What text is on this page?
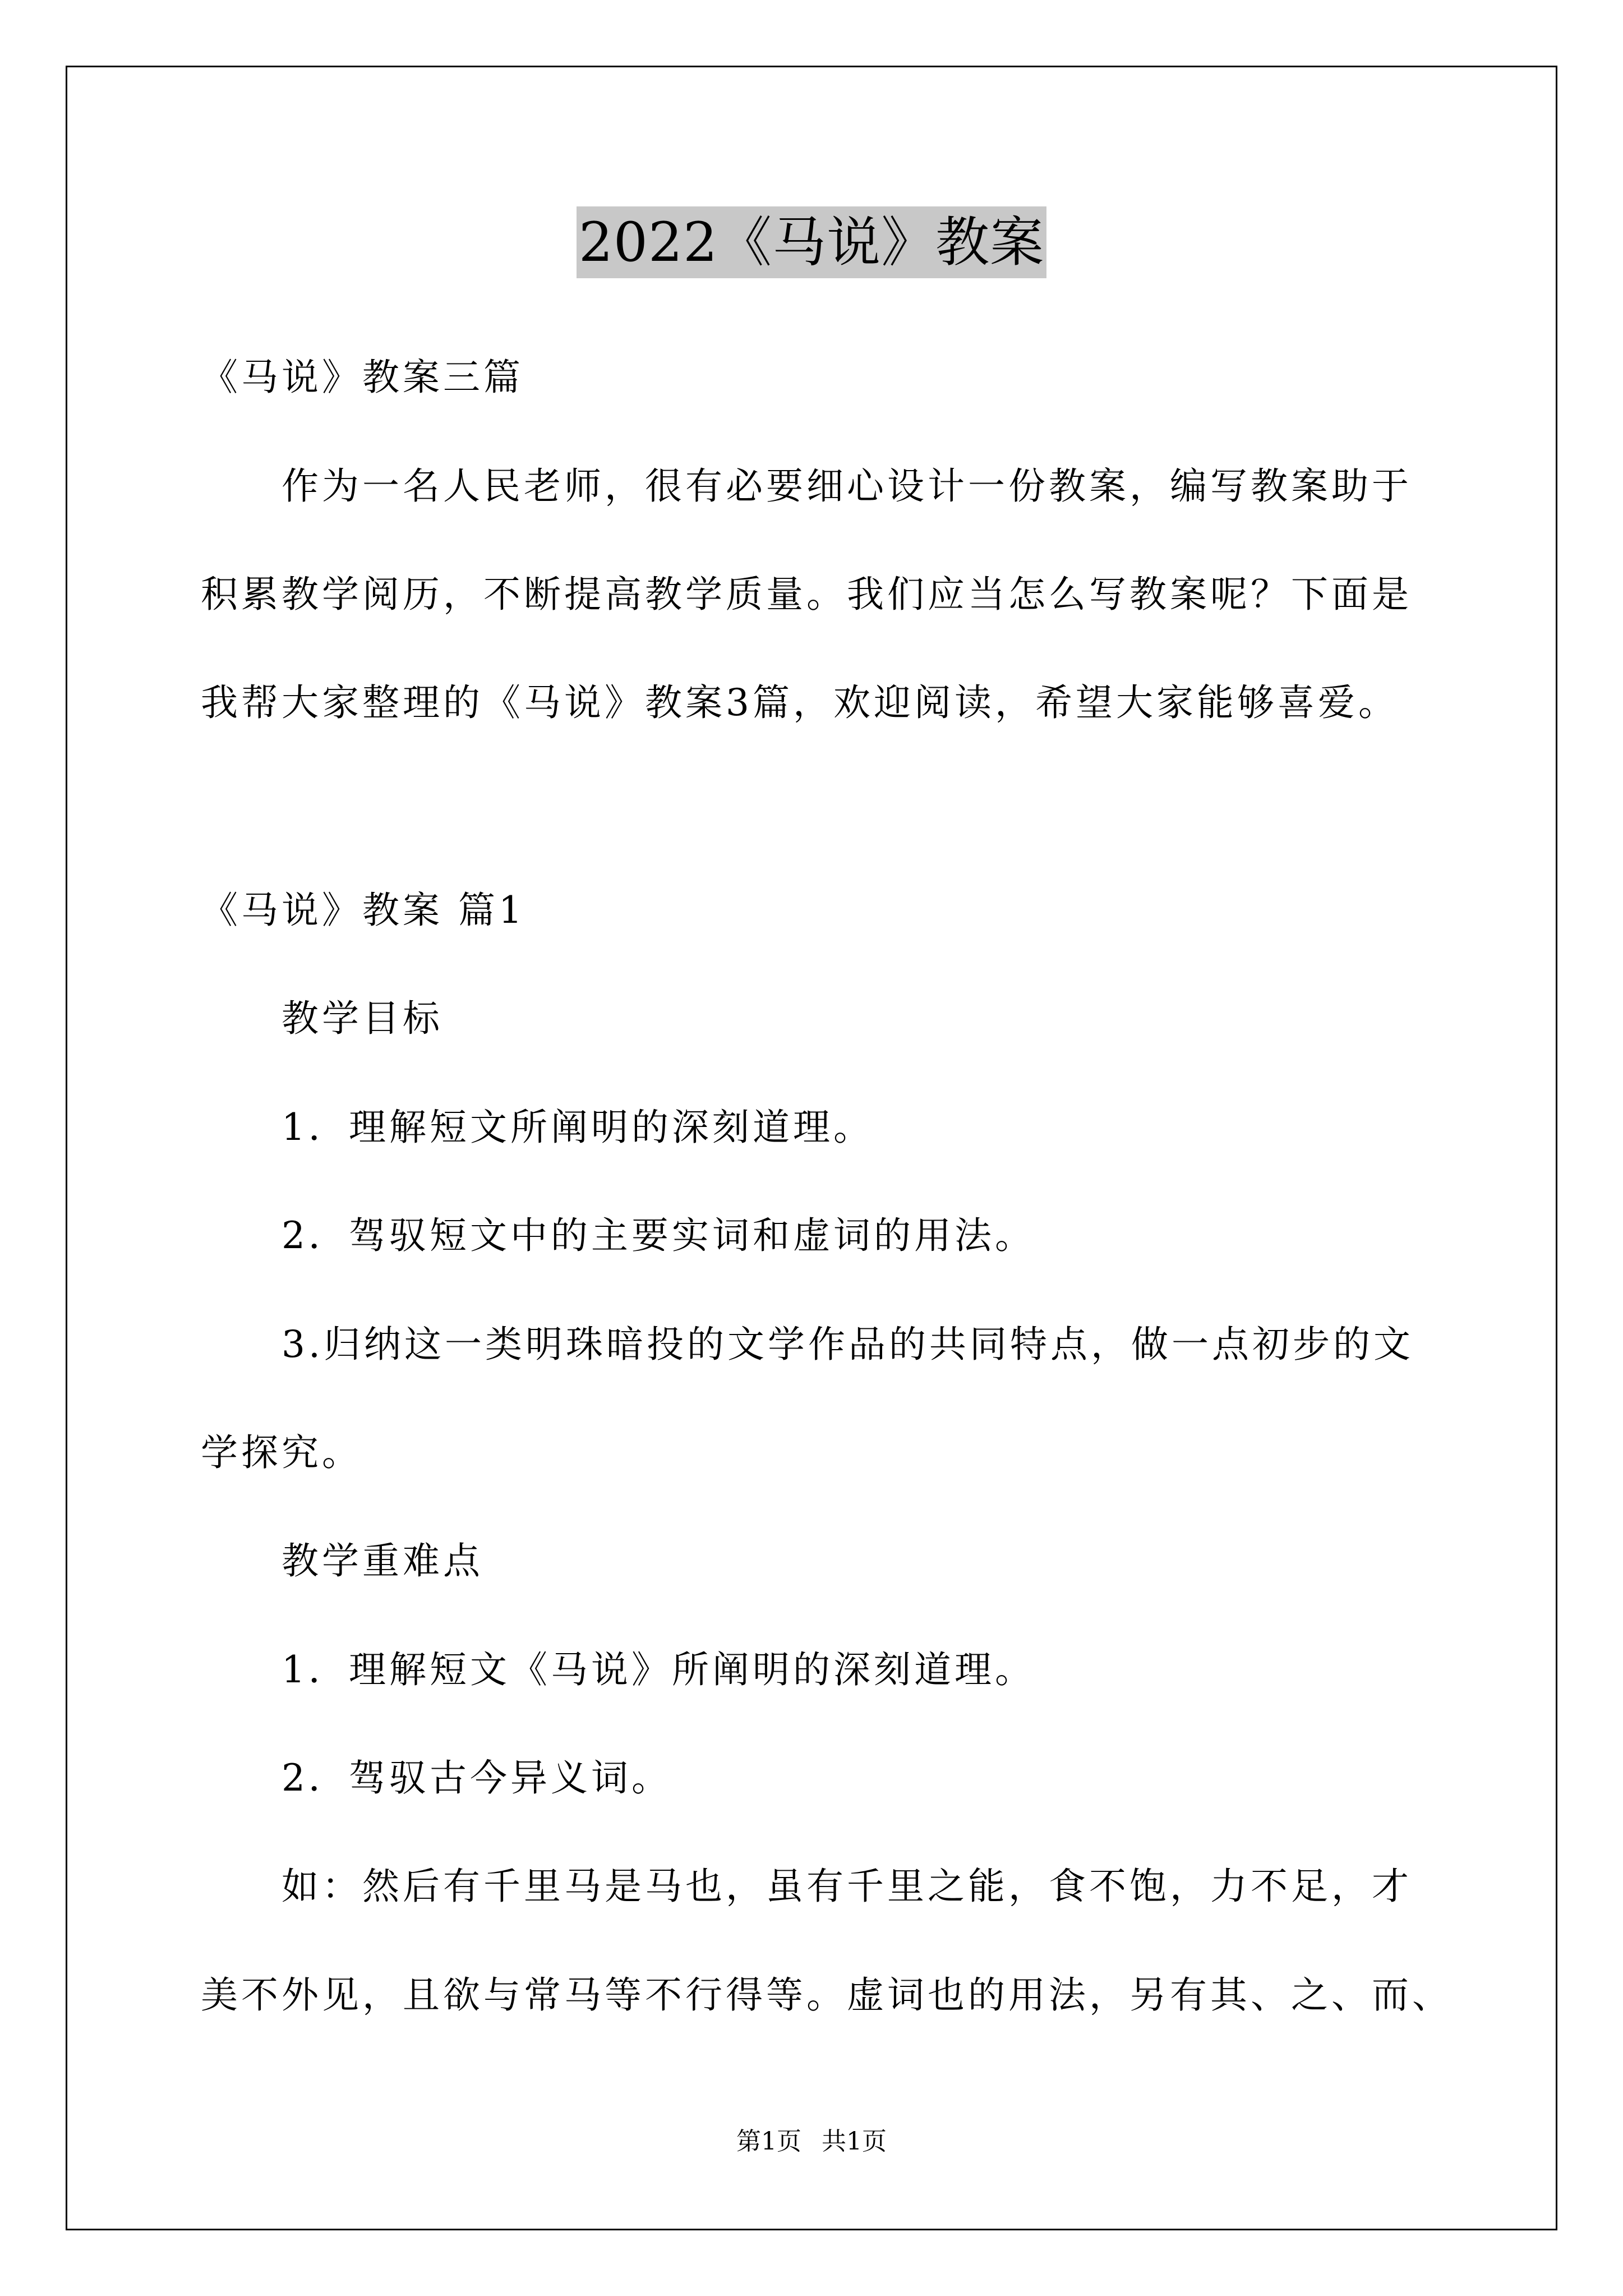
2022《马说》教案
《马说》教案三篇
作为一名人民老师，很有必要细心设计一份教案，编写教案助于
积累教学阅历，不断提高教学质量。我们应当怎么写教案呢？下面是
我帮大家整理的《马说》教案3篇，欢迎阅读，希望大家能够喜爱。
《马说》教案 篇1
教学目标
1．理解短文所阐明的深刻道理。
2．驾驭短文中的主要实词和虚词的用法。
3.归纳这一类明珠暗投的文学作品的共同特点，做一点初步的文
学探究。
教学重难点
1．理解短文《马说》所阐明的深刻道理。
2．驾驭古今异义词。
如：然后有千里马是马也，虽有千里之能，食不饱，力不足，才
美不外见，且欲与常马等不行得等。虚词也的用法，另有其、之、而、
第1页 共1页
